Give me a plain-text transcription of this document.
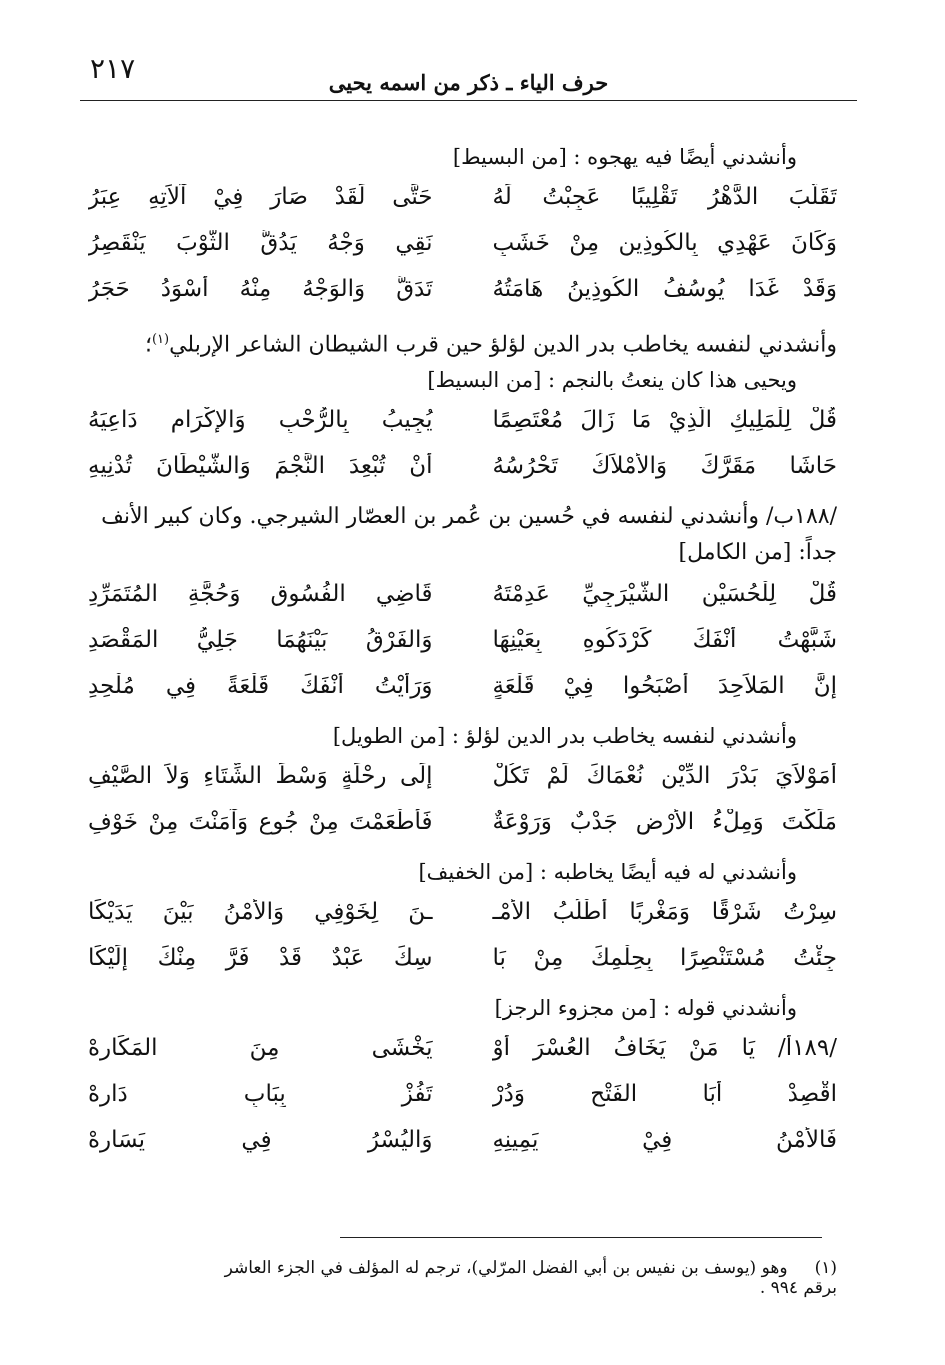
٢١٧	حرف الياء ـ ذكر من اسمه يحيى

وأنشدني أيضًا فيه يهجوه : [من البسيط]

تَقَلَّبَ الدَّهْرُ تَقْلِيبًا عَجِبْتُ لَهُ
حَتَّى لَقَدْ صَارَ فِيْ آلاَتِهِ عِبَرُ
وَكَانَ عَهْدِي بِالكُوذِينِ مِنْ خَشَبٍ
نَقِي وَجْهُ يَدُقُّ الثَّوْبَ يَنْقَصِرُ
وَقَدْ غَدَا يُوسُفُ الكُوذِينُ هَامَتُهُ
تَدَقُّ وَالوَجْهُ مِنْهُ أَسْوَدُ حَجَرُ

وأنشدني لنفسه يخاطب بدر الدين لؤلؤ حين قرب الشيطان الشاعر الإربلي$^{(١)}$؛

ويحيى هذا كان ينعتُ بالنجم : [من البسيط]

قُلْ لِلْمَلِيكِ الَّذِيْ مَا زَالَ مُعْتَصِمًا
يُجِيبُ بِالرُّحْبِ وَالإِكْرَامِ دَاعِيَهُ
حَاشَا مَقَرَّكَ وَالأَمْلاَكُ تَحْرُسُهُ
أَنْ تُبْعِدَ النَّجْمَ وَالشَّيْطَانَ تُدْنِيهِ

/١٨٨ب/ وأنشدني لنفسه في حُسين بن عُمر بن العصّار الشيرجي. وكان كبير الأنف جداً: [من الكامل]

قُلْ لِلْحُسَيْنِ الشَّيْرَجِيِّ عَدِمْتَهُ
قَاضِي الفُسُوقِ وَحُجَّةِ المُتَمَرِّدِ
شَبَّهْتُ أَنْفَكَ كَرْدَكُوهِ بِعَيْنِهَا
وَالفَرْقُ بَيْنَهُمَا جَلِيُّ المَقْصَدِ
إِنَّ المَلاَحِدَ أَصْبَحُوا فِيْ قَلْعَةٍ
وَرَأَيْتُ أَنْفَكَ قَلْعَةً فِي مُلْحِدِ

وأنشدني لنفسه يخاطب بدر الدين لؤلؤ : [من الطويل]

أَمَوْلاَيَ بَدْرَ الدِّيْنِ نُعْمَاكَ لَمْ تَكُلْ
إِلَى رِحْلَةٍ وَسْطَ الشِّتَاءِ وَلاَ الصَّيْفِ
مَلَكْتَ وَمِلْءُ الأَرْضِ جَدْبٌ وَرَوْعَةٌ
فَأَطْعَمْتَ مِنْ جُوعٍ وَآمَنْتَ مِنْ خَوْفِ

وأنشدني له فيه أيضًا يخاطبه : [من الخفيف]

سِرْتُ شَرْقًا وَمَغْرِبًا أَطْلُبُ الأَمْـ
ـنَ لِخَوْفِي وَالأَمْنُ بَيْنَ يَدَيْكَا
جِئْتُ مُسْتَنْصِرًا بِحِلْمِكَ مِنْ بَا
سِكَ عَبْدٌ قَدْ فَرَّ مِنْكَ إِلَيْكَا

وأنشدني قوله : [من مجزوء الرجز]

/١٨٩أ/ يَا مَنْ يَخَافُ العُسْرَ أَوْ
يَخْشَى مِنَ المَكَارِهْ
اقْصِدْ أَبَا الفَتْحِ وَدُرْ
تَفُزْ بِبَابِ دَارِهْ
فَالأَمْنُ فِيْ يَمِينِهِ
وَاليُسْرُ فِي يَسَارِهْ
(١)     وهو (يوسف بن نفيس بن أبي الفضل المرّلي)، ترجم له المؤلف في الجزء العاشر برقم ٩٩٤ .
